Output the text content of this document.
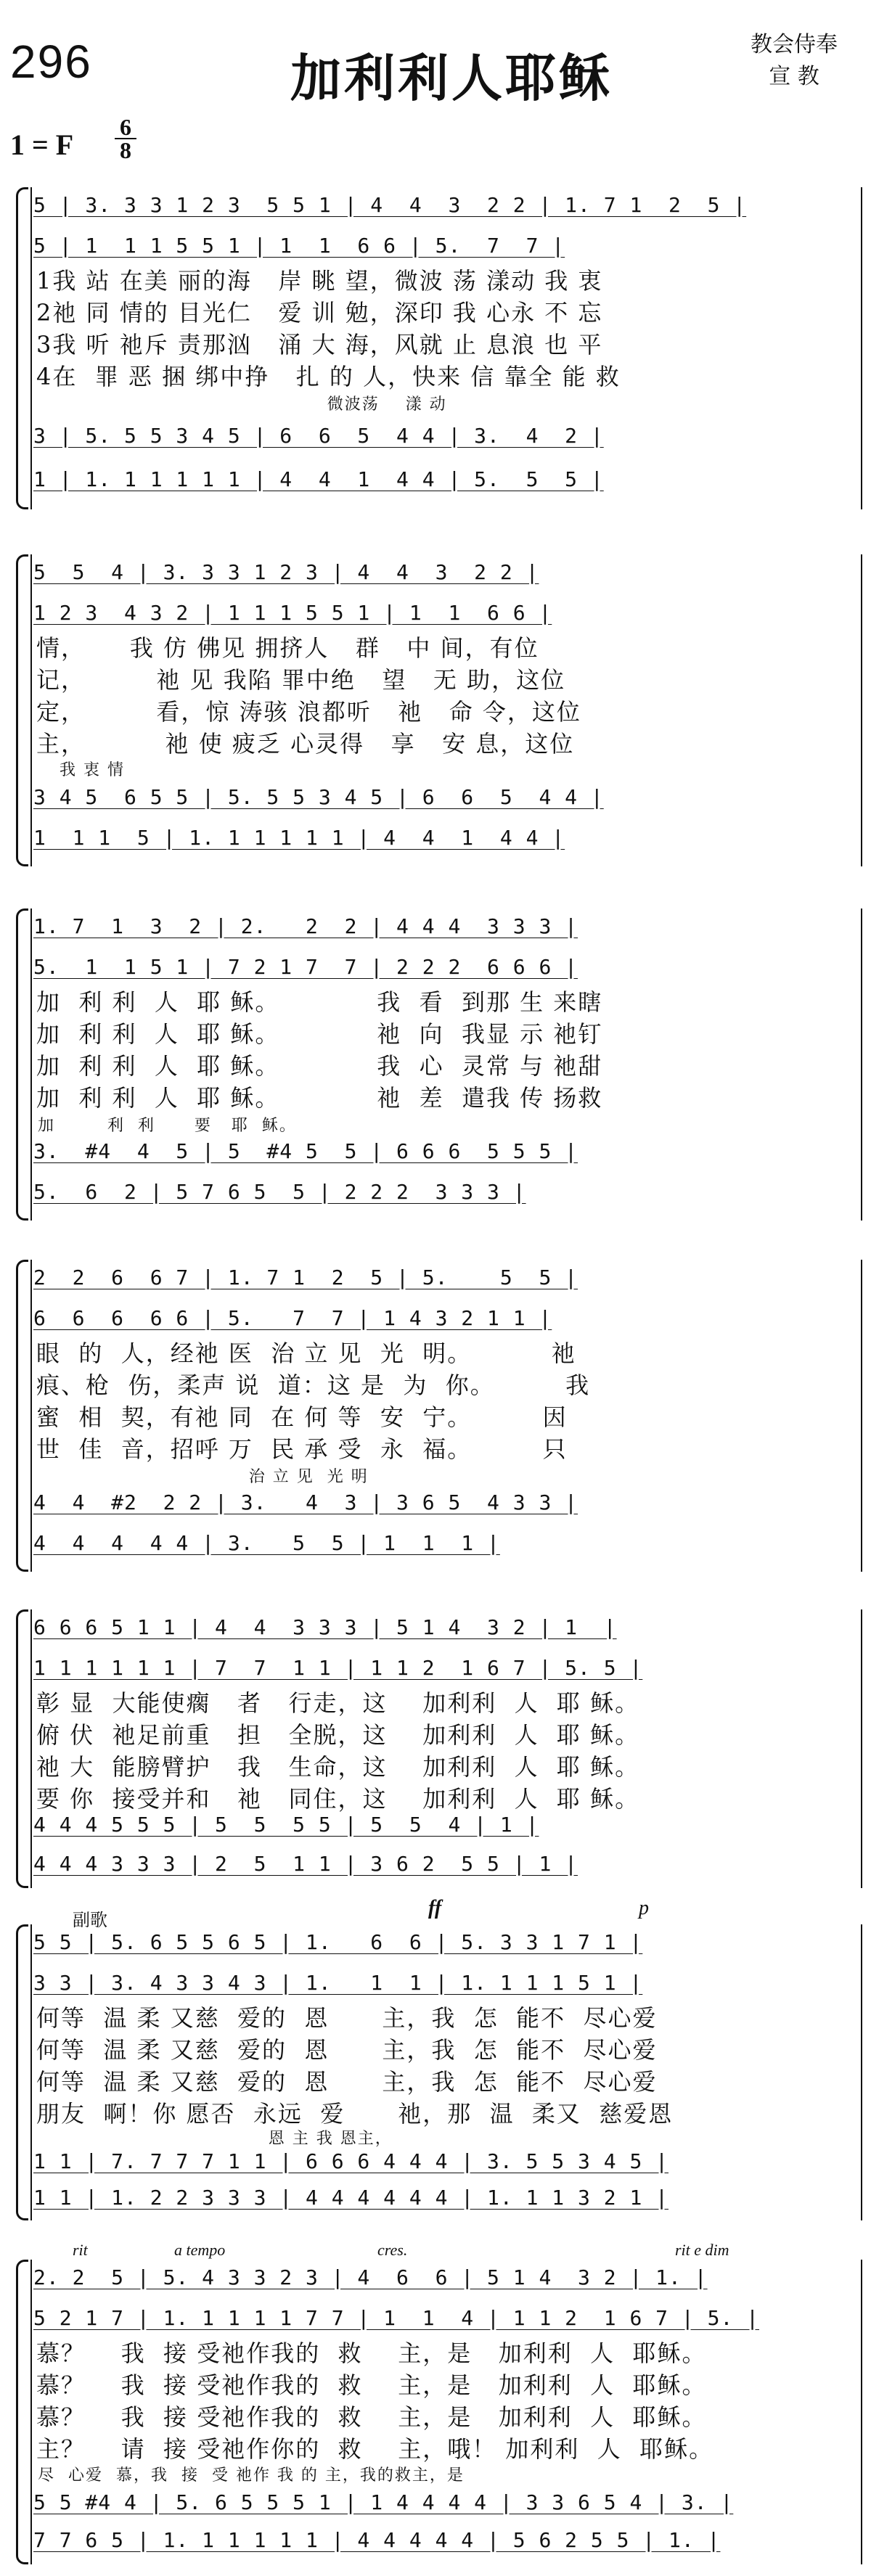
296	加利利人耶稣
教会侍奉
宣 教
1 = F
6
8
5 | 3. 3 3 1 2 3  5 5 1 | 4  4  3  2 2 | 1. 7 1  2  5 |
5 | 1  1 1 5 5 1 | 1  1  6 6 | 5.  7  7 |
1我 站 在美 丽的海   岸 眺 望，微波 荡 漾动 我 衷
2祂 同 情的 目光仁   爱 训 勉，深印 我 心永 不 忘
3我 听 祂斥 责那汹   涌 大 海，风就 止 息浪 也 平
4在  罪 恶 捆 绑中挣   扎 的 人，快来 信 靠全 能 救
微波荡    漾 动
3 | 5. 5 5 3 4 5 | 6  6  5  4 4 | 3.  4  2 |
1 | 1. 1 1 1 1 1 | 4  4  1  4 4 | 5.  5  5 |
5  5  4 | 3. 3 3 1 2 3 | 4  4  3  2 2 |
1 2 3  4 3 2 | 1 1 1 5 5 1 | 1  1  6 6 |
情，     我 仿 佛见 拥挤人   群   中 间，有位
记，        祂 见 我陷 罪中绝   望   无 助，这位
定，        看，惊 涛骇 浪都听   祂   命 令，这位
主，         祂 使 疲乏 心灵得   享   安 息，这位
我 衷 情
3 4 5  6 5 5 | 5. 5 5 3 4 5 | 6  6  5  4 4 |
1  1 1  5 | 1. 1 1 1 1 1 | 4  4  1  4 4 |
1. 7  1  3  2 | 2.   2  2 | 4 4 4  3 3 3 |
5.  1  1 5 1 | 7 2 1 7  7 | 2 2 2  6 6 6 |
加  利 利  人  耶 稣。           我  看  到那 生 来瞎
加  利 利  人  耶 稣。           祂  向  我显 示 祂钉
加  利 利  人  耶 稣。           我  心  灵常 与 祂甜
加  利 利  人  耶 稣。           祂  差  遣我 传 扬救
加        利  利      要   耶  稣。
3.  #4  4  5 | 5  #4 5  5 | 6 6 6  5 5 5 |
5.  6  2 | 5 7 6 5  5 | 2 2 2  3 3 3 |
2  2  6  6 7 | 1. 7 1  2  5 | 5.    5  5 |
6  6  6  6 6 | 5.   7  7 | 1 4 3 2 1 1 |
眼  的  人，经祂 医  治 立 见  光  明。         祂
痕、枪  伤，柔声 说  道：这 是  为  你。        我
蜜  相  契，有祂 同  在 何 等  安  宁。        因
世  佳  音，招呼 万  民 承 受  永  福。        只
治 立 见  光 明
4  4  #2  2 2 | 3.   4  3 | 3 6 5  4 3 3 |
4  4  4  4 4 | 3.   5  5 | 1  1  1 |
6 6 6 5 1 1 | 4  4  3 3 3 | 5 1 4  3 2 | 1  |
1 1 1 1 1 1 | 7  7  1 1 | 1 1 2  1 6 7 | 5. 5 |
彰 显  大能使瘸   者   行走，这    加利利  人  耶 稣。
俯 伏  祂足前重   担   全脱，这    加利利  人  耶 稣。
祂 大  能膀臂护   我   生命，这    加利利  人  耶 稣。
要 你  接受并和   祂   同住，这    加利利  人  耶 稣。
4 4 4 5 5 5 | 5  5  5 5 | 5  5  4 | 1 |
4 4 4 3 3 3 | 2  5  1 1 | 3 6 2  5 5 | 1 |
副歌
ff	p
5 5 | 5. 6 5 5 6 5 | 1.   6  6 | 5. 3 3 1 7 1 |
3 3 | 3. 4 3 3 4 3 | 1.   1  1 | 1. 1 1 1 5 1 |
何等  温 柔 又慈  爱的  恩      主，我  怎  能不  尽心爱
何等  温 柔 又慈  爱的  恩      主，我  怎  能不  尽心爱
何等  温 柔 又慈  爱的  恩      主，我  怎  能不  尽心爱
朋友  啊！你 愿否  永远  爱      祂，那  温  柔又  慈爱恩
恩 主 我 恩主，
1 1 | 7. 7 7 7 1 1 | 6 6 6 4 4 4 | 3. 5 5 3 4 5 |
1 1 | 1. 2 2 3 3 3 | 4 4 4 4 4 4 | 1. 1 1 3 2 1 |
rit	a tempo	cres.	rit e dim
2. 2  5 | 5. 4 3 3 2 3 | 4  6  6 | 5 1 4  3 2 | 1. |
5 2 1 7 | 1. 1 1 1 1 7 7 | 1  1  4 | 1 1 2  1 6 7 | 5. |
慕？    我  接 受祂作我的  救    主，是   加利利  人  耶稣。
慕？    我  接 受祂作我的  救    主，是   加利利  人  耶稣。
慕？    我  接 受祂作我的  救    主，是   加利利  人  耶稣。
主？    请  接 受祂作你的  救    主，哦！ 加利利  人  耶稣。
尽  心爱  慕，我  接  受 祂作 我 的 主，我的救主，是
5 5 #4 4 | 5. 6 5 5 5 1 | 1 4 4 4 4 | 3 3 6 5 4 | 3. |
7 7 6 5 | 1. 1 1 1 1 1 | 4 4 4 4 4 | 5 6 2 5 5 | 1. |
